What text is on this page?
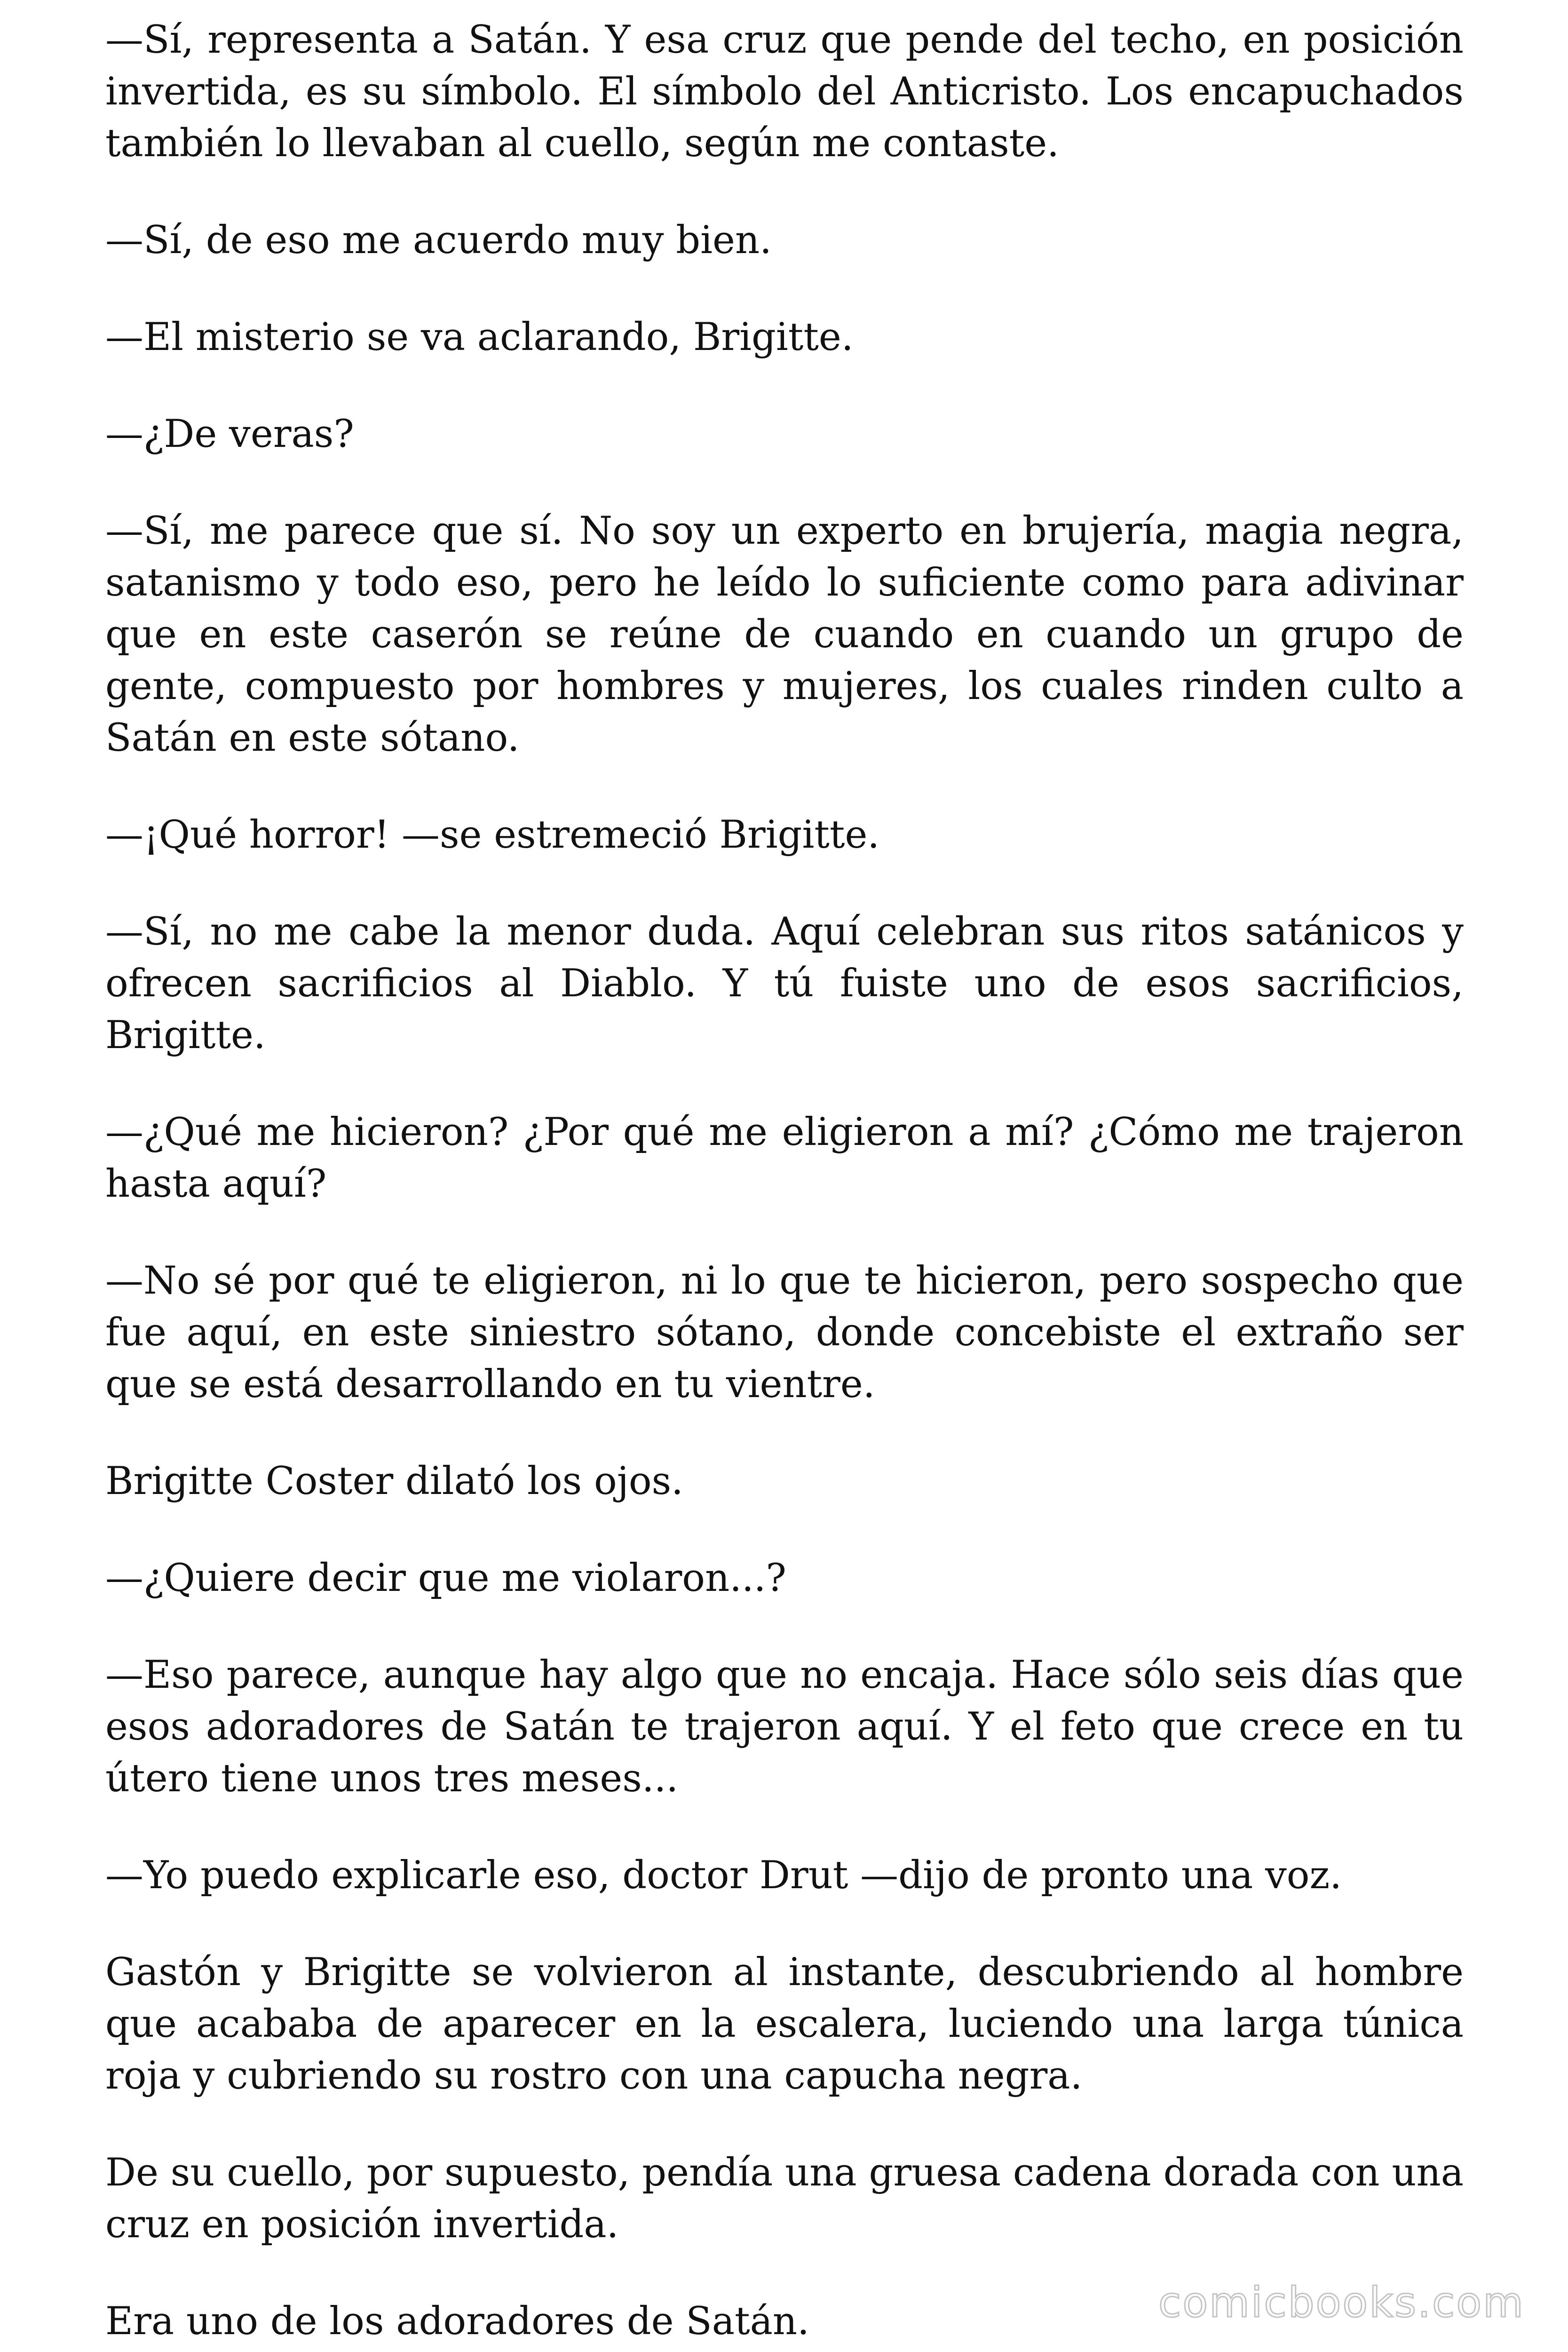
—Sí, representa a Satán. Y esa cruz que pende del techo, en posición invertida, es su símbolo. El símbolo del Anticristo. Los encapuchados también lo llevaban al cuello, según me contaste.

—Sí, de eso me acuerdo muy bien.

—El misterio se va aclarando, Brigitte.

—¿De veras?

—Sí, me parece que sí. No soy un experto en brujería, magia negra, satanismo y todo eso, pero he leído lo suficiente como para adivinar que en este caserón se reúne de cuando en cuando un grupo de gente, compuesto por hombres y mujeres, los cuales rinden culto a Satán en este sótano.

—¡Qué horror! —se estremeció Brigitte.

—Sí, no me cabe la menor duda. Aquí celebran sus ritos satánicos y ofrecen sacrificios al Diablo. Y tú fuiste uno de esos sacrificios, Brigitte.

—¿Qué me hicieron? ¿Por qué me eligieron a mí? ¿Cómo me trajeron hasta aquí?

—No sé por qué te eligieron, ni lo que te hicieron, pero sospecho que fue aquí, en este siniestro sótano, donde concebiste el extraño ser que se está desarrollando en tu vientre.

Brigitte Coster dilató los ojos.

—¿Quiere decir que me violaron...?

—Eso parece, aunque hay algo que no encaja. Hace sólo seis días que esos adoradores de Satán te trajeron aquí. Y el feto que crece en tu útero tiene unos tres meses...

—Yo puedo explicarle eso, doctor Drut —dijo de pronto una voz.

Gastón y Brigitte se volvieron al instante, descubriendo al hombre que acababa de aparecer en la escalera, luciendo una larga túnica roja y cubriendo su rostro con una capucha negra.

De su cuello, por supuesto, pendía una gruesa cadena dorada con una cruz en posición invertida.

Era uno de los adoradores de Satán.	comicbooks.com
